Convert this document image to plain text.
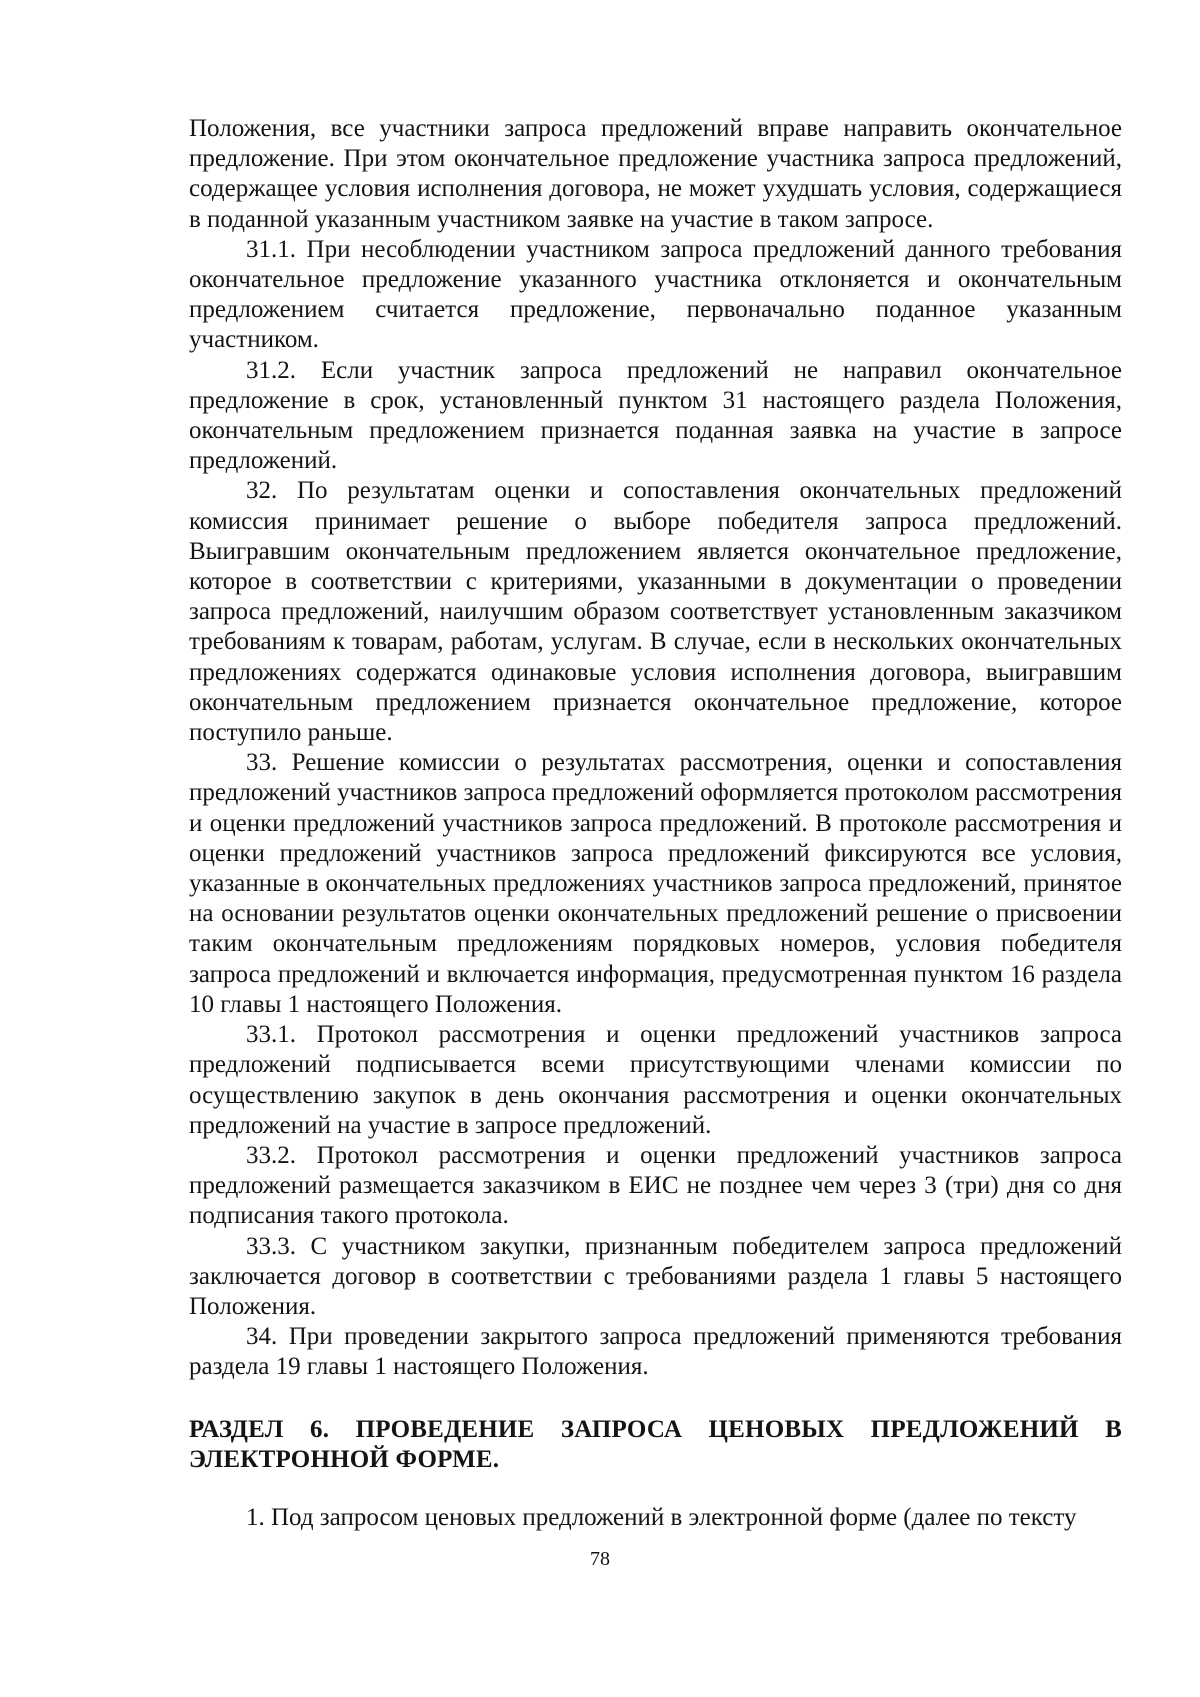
Положения, все участники запроса предложений вправе направить окончательное предложение. При этом окончательное предложение участника запроса предложений, содержащее условия исполнения договора, не может ухудшать условия, содержащиеся в поданной указанным участником заявке на участие в таком запросе.

31.1. При несоблюдении участником запроса предложений данного требования окончательное предложение указанного участника отклоняется и окончательным предложением считается предложение, первоначально поданное указанным участником.

31.2. Если участник запроса предложений не направил окончательное предложение в срок, установленный пунктом 31 настоящего раздела Положения, окончательным предложением признается поданная заявка на участие в запросе предложений.

32. По результатам оценки и сопоставления окончательных предложений комиссия принимает решение о выборе победителя запроса предложений. Выигравшим окончательным предложением является окончательное предложение, которое в соответствии с критериями, указанными в документации о проведении запроса предложений, наилучшим образом соответствует установленным заказчиком требованиям к товарам, работам, услугам. В случае, если в нескольких окончательных предложениях содержатся одинаковые условия исполнения договора, выигравшим окончательным предложением признается окончательное предложение, которое поступило раньше.

33. Решение комиссии о результатах рассмотрения, оценки и сопоставления предложений участников запроса предложений оформляется протоколом рассмотрения и оценки предложений участников запроса предложений. В протоколе рассмотрения и оценки предложений участников запроса предложений фиксируются все условия, указанные в окончательных предложениях участников запроса предложений, принятое на основании результатов оценки окончательных предложений решение о присвоении таким окончательным предложениям порядковых номеров, условия победителя запроса предложений и включается информация, предусмотренная пунктом 16 раздела 10 главы 1 настоящего Положения.

33.1. Протокол рассмотрения и оценки предложений участников запроса предложений подписывается всеми присутствующими членами комиссии по осуществлению закупок в день окончания рассмотрения и оценки окончательных предложений на участие в запросе предложений.

33.2. Протокол рассмотрения и оценки предложений участников запроса предложений размещается заказчиком в ЕИС не позднее чем через 3 (три) дня со дня подписания такого протокола.

33.3. С участником закупки, признанным победителем запроса предложений заключается договор в соответствии с требованиями раздела 1 главы 5 настоящего Положения.

34. При проведении закрытого запроса предложений применяются требования раздела 19 главы 1 настоящего Положения.

РАЗДЕЛ 6. ПРОВЕДЕНИЕ ЗАПРОСА ЦЕНОВЫХ ПРЕДЛОЖЕНИЙ В ЭЛЕКТРОННОЙ ФОРМЕ.

1. Под запросом ценовых предложений в электронной форме (далее по тексту

78
